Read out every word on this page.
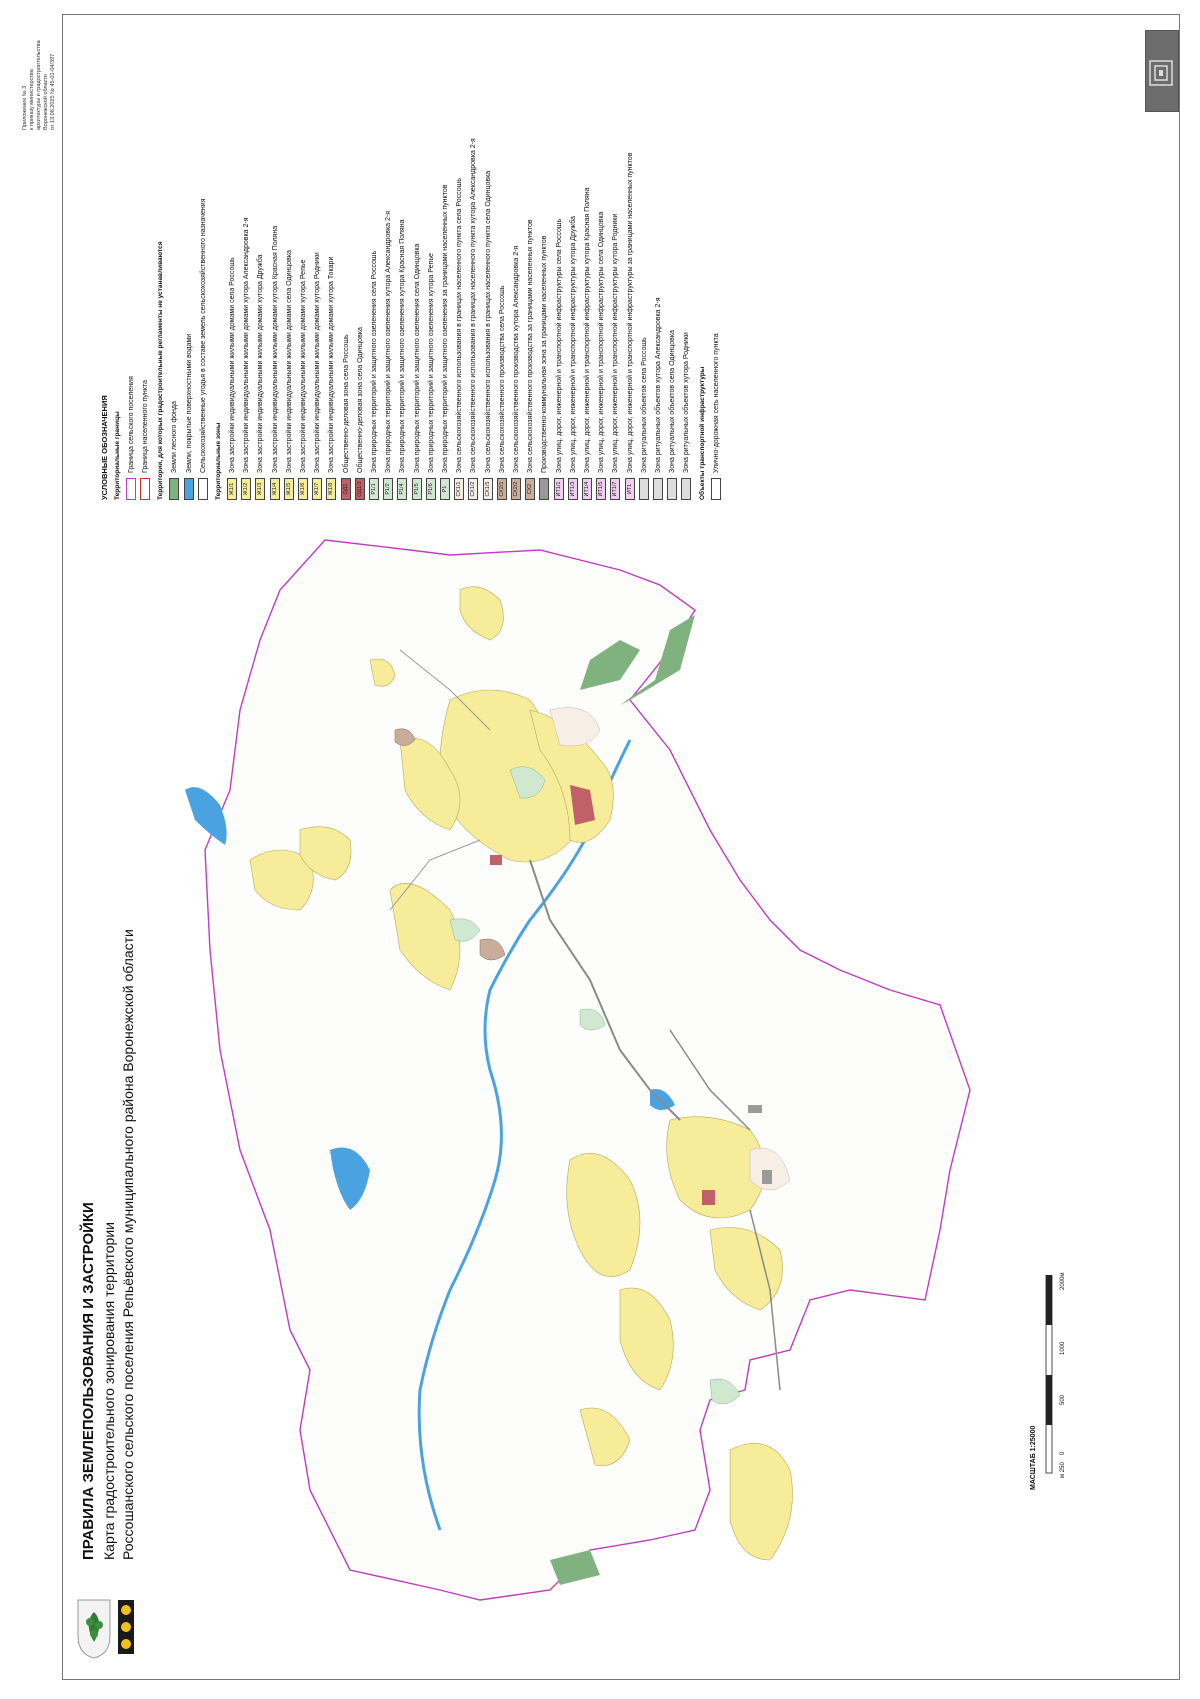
ПРАВИЛА ЗЕМЛЕПОЛЬЗОВАНИЯ И ЗАСТРОЙКИ Карта градостроительного зонирования территории Россошанского сельского поселения Репьёвского муниципального района Воронежской области
Приложение № 3 к приказу министерства архитектуры и градостроительства Воронежской области от 13.08.2025 № 45-01-04/397
МАСШТАБ 1:25000	м 250
0
500
1000
2000м
УСЛОВНЫЕ ОБОЗНАЧЕНИЯ Территориальные границы Граница сельского поселения Граница населенного пункта Территории, для которых градостроительные регламенты не устанавливаются Земли лесного фонда Земли, покрытые поверхностными водами Сельскохозяйственные угодья в составе земель сельскохозяйственного назначения Территориальные зоны	Ж1/1
Зона застройки индивидуальными жилыми домами села Россошь
Ж1/2
Зона застройки индивидуальными жилыми домами хутора Александровка 2-я
Ж1/3
Зона застройки индивидуальными жилыми домами хутора Дружба
Ж1/4
Зона застройки индивидуальными жилыми домами хутора Красная Поляна
Ж1/5
Зона застройки индивидуальными жилыми домами села Одинцовка
Ж1/6
Зона застройки индивидуальными жилыми домами хутора Репье
Ж1/7
Зона застройки индивидуальными жилыми домами хутора Родники
Ж1/8
Зона застройки индивидуальными жилыми домами хутора Токари
ОД1
Общественно-деловая зона села Россошь
ОД1/2
Общественно-деловая зона села Одинцовка
Р1/1
Зона природных территорий и защитного озеленения села Россошь
Р1/2
Зона природных территорий и защитного озеленения хутора Александровка 2-я
Р1/4
Зона природных территорий и защитного озеленения хутора Красная Поляна
Р1/5
Зона природных территорий и защитного озеленения села Одинцовка
Р1/6
Зона природных территорий и защитного озеленения хутора Репье
Р1
Зона природных территорий и защитного озеленения за границами населенных пунктов
СХ1/1
Зона сельскохозяйственного использования в границах населенного пункта села Россошь
СХ1/2
Зона сельскохозяйственного использования в границах населенного пункта хутора Александровка 2-я
СХ1/5
Зона сельскохозяйственного использования в границах населенного пункта села Одинцовка
СХ2/1
Зона сельскохозяйственного производства села Россошь
СХ2/2
Зона сельскохозяйственного производства хутора Александровка 2-я
СХ2
Зона сельскохозяйственного производства за границами населенных пунктов Производственно-коммунальная зона за границами населенных пунктов
ИТ1/1
Зона улиц, дорог, инженерной и транспортной инфраструктуры села Россошь
ИТ1/3
Зона улиц, дорог, инженерной и транспортной инфраструктуры хутора Дружба
ИТ1/4
Зона улиц, дорог, инженерной и транспортной инфраструктуры хутора Красная Поляна
ИТ1/5
Зона улиц, дорог, инженерной и транспортной инфраструктуры села Одинцовка
ИТ1/7
Зона улиц, дорог, инженерной и транспортной инфраструктуры хутора Родники
ИТ1
Зона улиц, дорог, инженерной и транспортной инфраструктуры за границами населенных пунктов Зона ритуальных объектов села Россошь Зона ритуальных объектов хутора Александровка 2-я Зона ритуальных объектов села Одинцовка Зона ритуальных объектов хутора Родники Объекты транспортной инфраструктуры Улично-дорожная сеть населенного пункта
